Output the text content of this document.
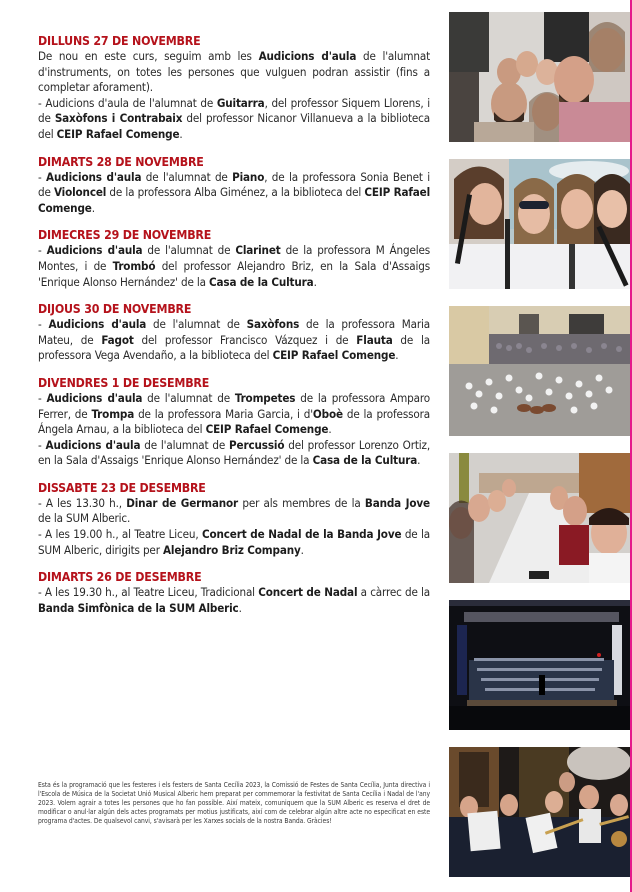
DILLUNS 27 DE NOVEMBRE
De nou en este curs, seguim amb les Audicions d'aula de l'alumnat d'instruments, on totes les persones que vulguen podran assistir (fins a completar aforament).
- Audicions d'aula de l'alumnat de Guitarra, del professor Siquem Llorens, i de Saxòfons i Contrabaix del professor Nicanor Villanueva a la biblioteca del CEIP Rafael Comenge.
DIMARTS 28 DE NOVEMBRE
- Audicions d'aula de l'alumnat de Piano, de la professora Sonia Benet i de Violoncel de la professora Alba Giménez, a la biblioteca del CEIP Rafael Comenge.
DIMECRES 29 DE NOVEMBRE
- Audicions d'aula de l'alumnat de Clarinet de la professora M Ángeles Montes, i de Trombó del professor Alejandro Briz, en la Sala d'Assaigs 'Enrique Alonso Hernández' de la Casa de la Cultura.
DIJOUS 30 DE NOVEMBRE
- Audicions d'aula de l'alumnat de Saxòfons de la professora Maria Mateu, de Fagot del professor Francisco Vázquez i de Flauta de la professora Vega Avendaño, a la biblioteca del CEIP Rafael Comenge.
DIVENDRES 1 DE DESEMBRE
- Audicions d'aula de l'alumnat de Trompetes de la professora Amparo Ferrer, de Trompa de la professora Maria Garcia, i d'Oboè de la professora Ángela Arnau, a la biblioteca del CEIP Rafael Comenge.
- Audicions d'aula de l'alumnat de Percussió del professor Lorenzo Ortiz, en la Sala d'Assaigs 'Enrique Alonso Hernández' de la Casa de la Cultura.
DISSABTE 23 DE DESEMBRE
- A les 13.30 h., Dinar de Germanor per als membres de la Banda Jove de la SUM Alberic.
- A les 19.00 h., al Teatre Liceu, Concert de Nadal de la Banda Jove de la SUM Alberic, dirigits per Alejandro Briz Company.
DIMARTS 26 DE DESEMBRE
- A les 19.30 h., al Teatre Liceu, Tradicional Concert de Nadal a càrrec de la Banda Simfònica de la SUM Alberic.
Esta és la programació que les festeres i els festers de Santa Cecília 2023, la Comissió de Festes de Santa Cecília, Junta directiva i l'Escola de Música de la Societat Unió Musical Alberic hem preparat per commemorar la festivitat de Santa Cecília i Nadal de l'any 2023. Volem agrair a totes les persones que ho fan possible. Així mateix, comuniquem que la SUM Alberic es reserva el dret de modificar o anul·lar algún dels actes programats per motius justificats, així com de celebrar algún altre acte no especificat en este programa d'actes. De qualsevol canvi, s'avisarà per les Xarxes socials de la nostra Banda. Gràcies!
